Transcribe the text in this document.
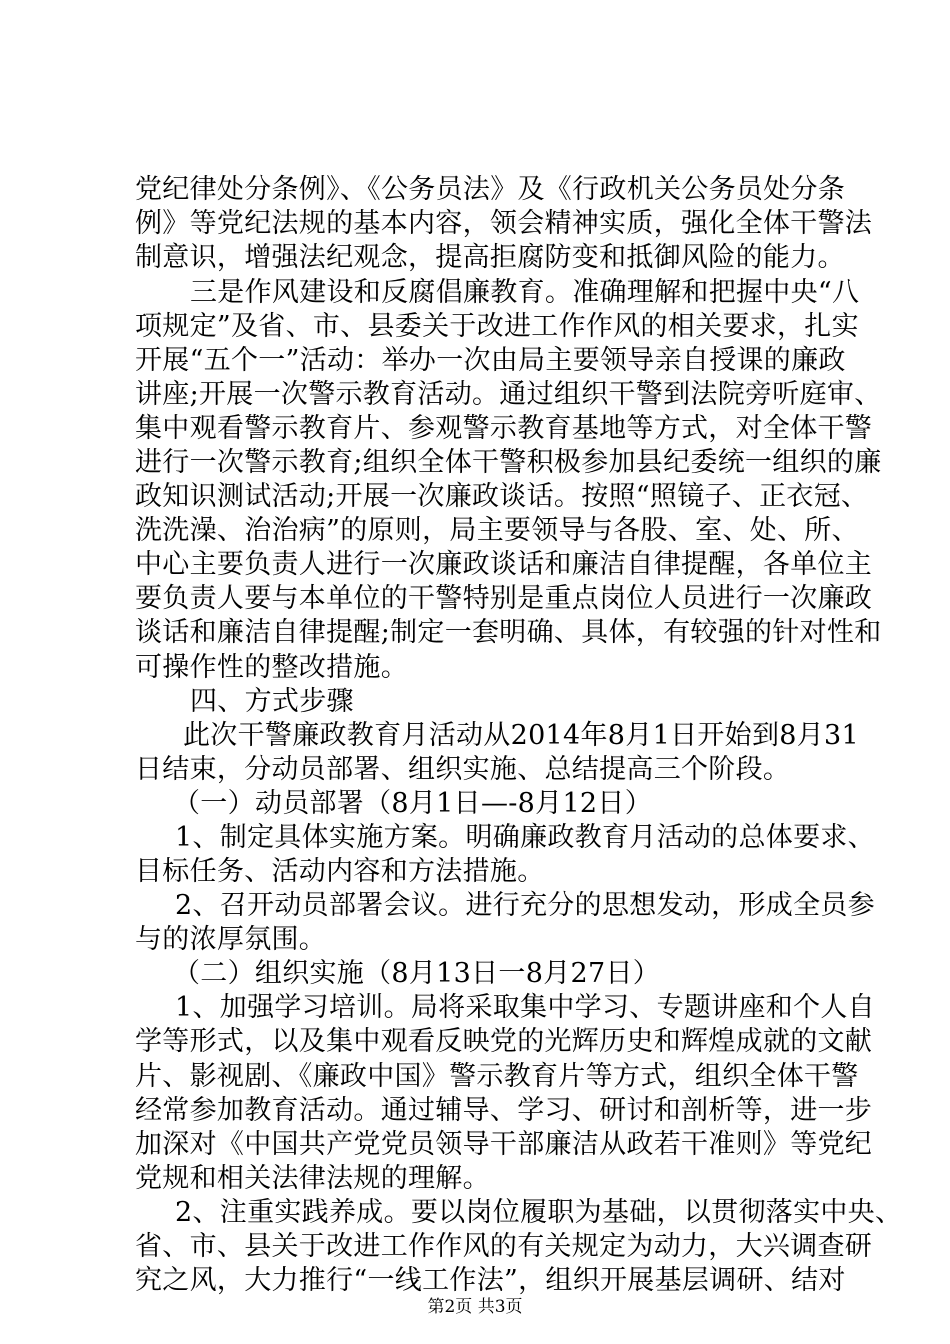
党纪律处分条例》、《公务员法》及《行政机关公务员处分条
例》等党纪法规的基本内容，领会精神实质，强化全体干警法
制意识，增强法纪观念，提高拒腐防变和抵御风险的能力。
三是作风建设和反腐倡廉教育。准确理解和把握中央“八
项规定”及省、市、县委关于改进工作作风的相关要求，扎实
开展“五个一”活动：举办一次由局主要领导亲自授课的廉政
讲座;开展一次警示教育活动。通过组织干警到法院旁听庭审、
集中观看警示教育片、参观警示教育基地等方式，对全体干警
进行一次警示教育;组织全体干警积极参加县纪委统一组织的廉
政知识测试活动;开展一次廉政谈话。按照“照镜子、正衣冠、
洗洗澡、治治病”的原则，局主要领导与各股、室、处、所、
中心主要负责人进行一次廉政谈话和廉洁自律提醒，各单位主
要负责人要与本单位的干警特别是重点岗位人员进行一次廉政
谈话和廉洁自律提醒;制定一套明确、具体，有较强的针对性和
可操作性的整改措施。
四、方式步骤
此次干警廉政教育月活动从2014年8月1日开始到8月31
日结束，分动员部署、组织实施、总结提高三个阶段。
（一）动员部署（8月1日—-8月12日）
1、制定具体实施方案。明确廉政教育月活动的总体要求、
目标任务、活动内容和方法措施。
2、召开动员部署会议。进行充分的思想发动，形成全员参
与的浓厚氛围。
（二）组织实施（8月13日一8月27日）
1、加强学习培训。局将采取集中学习、专题讲座和个人自
学等形式，以及集中观看反映党的光辉历史和辉煌成就的文献
片、影视剧、《廉政中国》警示教育片等方式，组织全体干警
经常参加教育活动。通过辅导、学习、研讨和剖析等，进一步
加深对《中国共产党党员领导干部廉洁从政若干准则》等党纪
党规和相关法律法规的理解。
2、注重实践养成。要以岗位履职为基础，以贯彻落实中央、
省、市、县关于改进工作作风的有关规定为动力，大兴调查研
究之风，大力推行“一线工作法”，组织开展基层调研、结对
第2页 共3页
